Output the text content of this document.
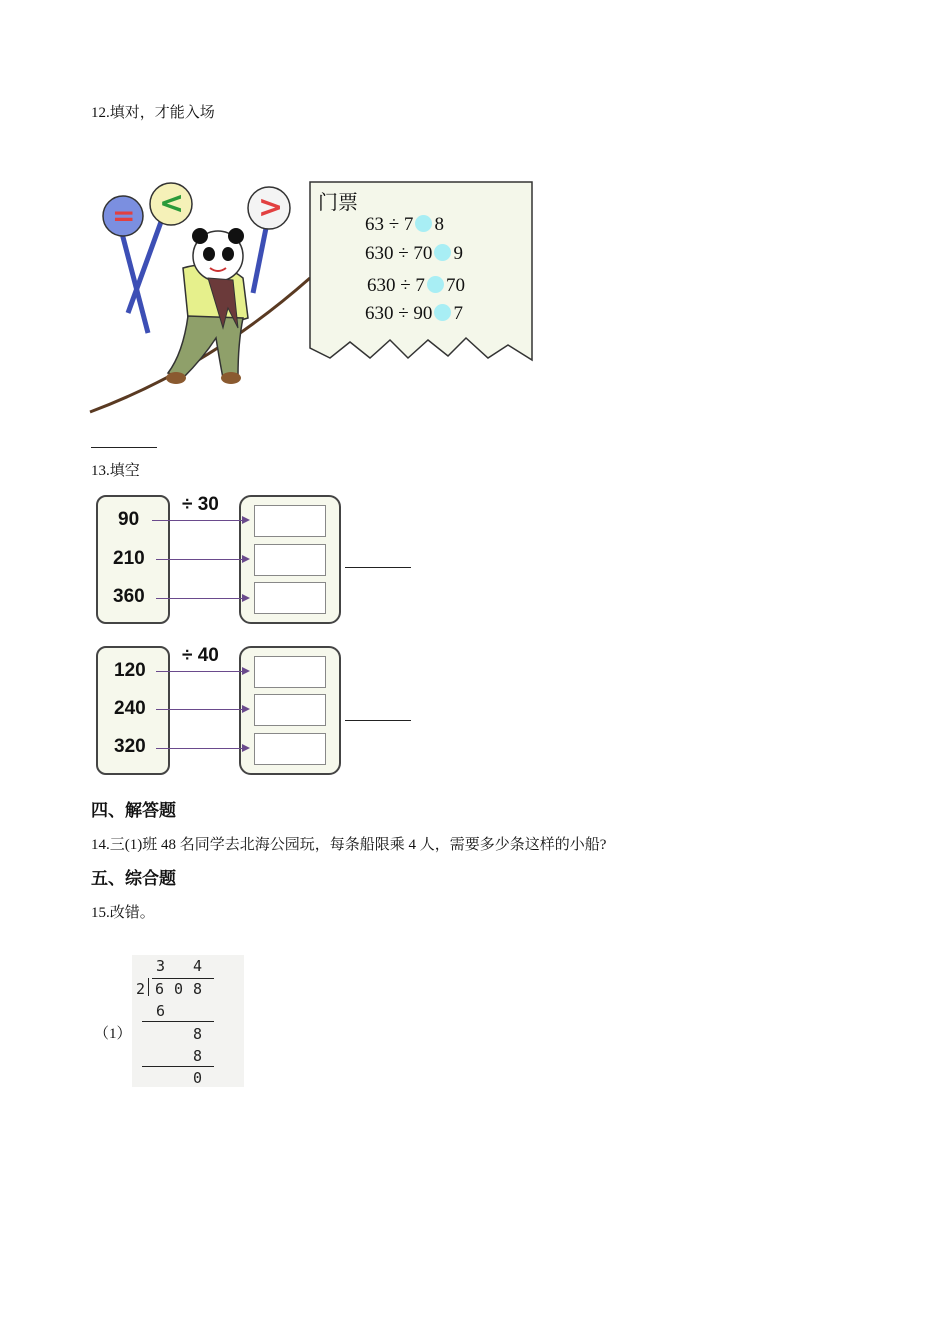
12.填对，才能入场
= < > 门票
63 ÷ 7 8
630 ÷ 70 9
630 ÷ 7 70
630 ÷ 90 7
13.填空
÷ 30
90
210
360
÷ 40
120
240
320
四、解答题
14.三(1)班 48 名同学去北海公园玩，每条船限乘 4 人，需要多少条这样的小船?
五、综合题
15.改错。
（1）
3 4
2 6 0 8
6
8
8
0
